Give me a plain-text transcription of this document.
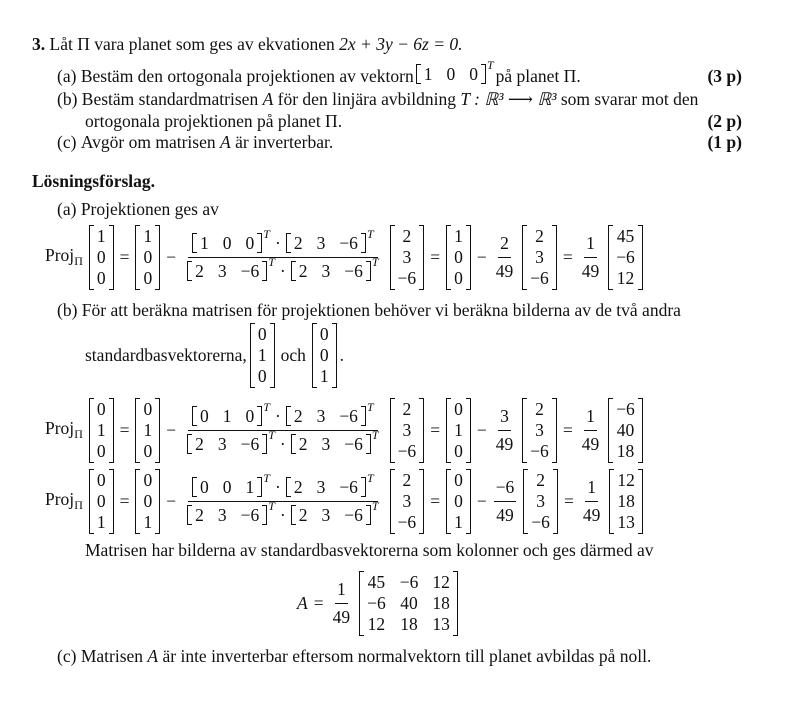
3. Låt Π vara planet som ges av ekvationen 2x + 3y − 6z = 0.
(a)
Bestäm den ortogonala projektionen av vektorn 1 0 0 T
på planet Π.	(3 p)
(b) Bestäm standardmatrisen A för den linjära avbildning T : ℝ³ ⟶ ℝ³ som svarar mot den
ortogonala projektionen på planet Π.	(2 p)
(c) Avgör om matrisen A är inverterbar.	(1 p)
Lösningsförslag.
(a) Projektionen ges av
Proj$_\Pi$
1
0
0
=
1
0
0
− $\frac{1 0 0 T \cdot 2 3 -6 T}{2 3 -6 T \cdot 2 3 -6 T} 2$
3
−6
=
1
0
0
− $\frac{2}{49} 2$
3
−6
= $\frac{1}{49} 45$
−6
12
(b) För att beräkna matrisen för projektionen behöver vi beräkna bilderna av de två andra
standardbasvektorerna,
0
1
0
och
0
0
1
.
Proj$_\Pi$
0
1
0
=
0
1
0
− $\frac{0 1 0 T \cdot 2 3 -6 T}{2 3 -6 T \cdot 2 3 -6 T} 2$
3
−6
=
0
1
0
− $\frac{3}{49} 2$
3
−6
= $\frac{1}{49} -6$
40
18
Proj$_\Pi$
0
0
1
=
0
0
1
− $\frac{0 0 1 T \cdot 2 3 -6 T}{2 3 -6 T \cdot 2 3 -6 T} 2$
3
−6
=
0
0
1
− $\frac{-6}{49} 2$
3
−6
= $\frac{1}{49} 12$
18
13
Matrisen har bilderna av standardbasvektorerna som kolonner och ges därmed av
$A = \frac{1}{49} 45 -6$ 12
−6 40 18
12 18 13
(c) Matrisen A är inte inverterbar eftersom normalvektorn till planet avbildas på noll.
